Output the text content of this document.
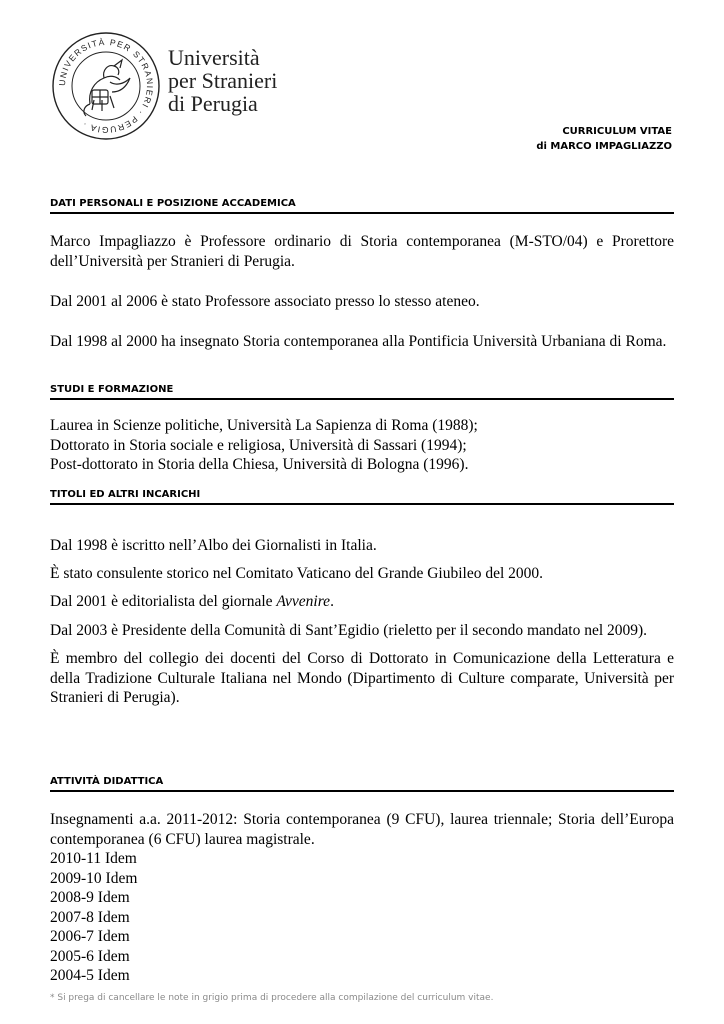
UNIVERSITÀ PER STRANIERI · PERUGIA ·
Università
per Stranieri
di Perugia
CURRICULUM VITAE
di MARCO IMPAGLIAZZO
DATI PERSONALI E POSIZIONE ACCADEMICA

Marco Impagliazzo è Professore ordinario di Storia contemporanea (M-STO/04) e Prorettore dell’Università per Stranieri di Perugia.

Dal 2001 al 2006 è stato Professore associato presso lo stesso ateneo.

Dal 1998 al 2000 ha insegnato Storia contemporanea alla Pontificia Università Urbaniana di Roma.

STUDI E FORMAZIONE

Laurea in Scienze politiche, Università La Sapienza di Roma (1988);

Dottorato in Storia sociale e religiosa, Università di Sassari (1994);

Post-dottorato in Storia della Chiesa, Università di Bologna (1996).

TITOLI ED ALTRI INCARICHI

Dal 1998 è iscritto nell’Albo dei Giornalisti in Italia.

È stato consulente storico nel Comitato Vaticano del Grande Giubileo del 2000.

Dal 2001 è editorialista del giornale Avvenire.

Dal 2003 è Presidente della Comunità di Sant’Egidio (rieletto per il secondo mandato nel 2009).

È membro del collegio dei docenti del Corso di Dottorato in Comunicazione della Letteratura e della Tradizione Culturale Italiana nel Mondo (Dipartimento di Culture comparate, Università per Stranieri di Perugia).

ATTIVITÀ DIDATTICA

Insegnamenti a.a. 2011-2012: Storia contemporanea (9 CFU), laurea triennale; Storia dell’Europa contemporanea (6 CFU) laurea magistrale.

2010-11 Idem

2009-10 Idem

2008-9 Idem

2007-8 Idem

2006-7 Idem

2005-6 Idem

2004-5 Idem

* Si prega di cancellare le note in grigio prima di procedere alla compilazione del curriculum vitae.
